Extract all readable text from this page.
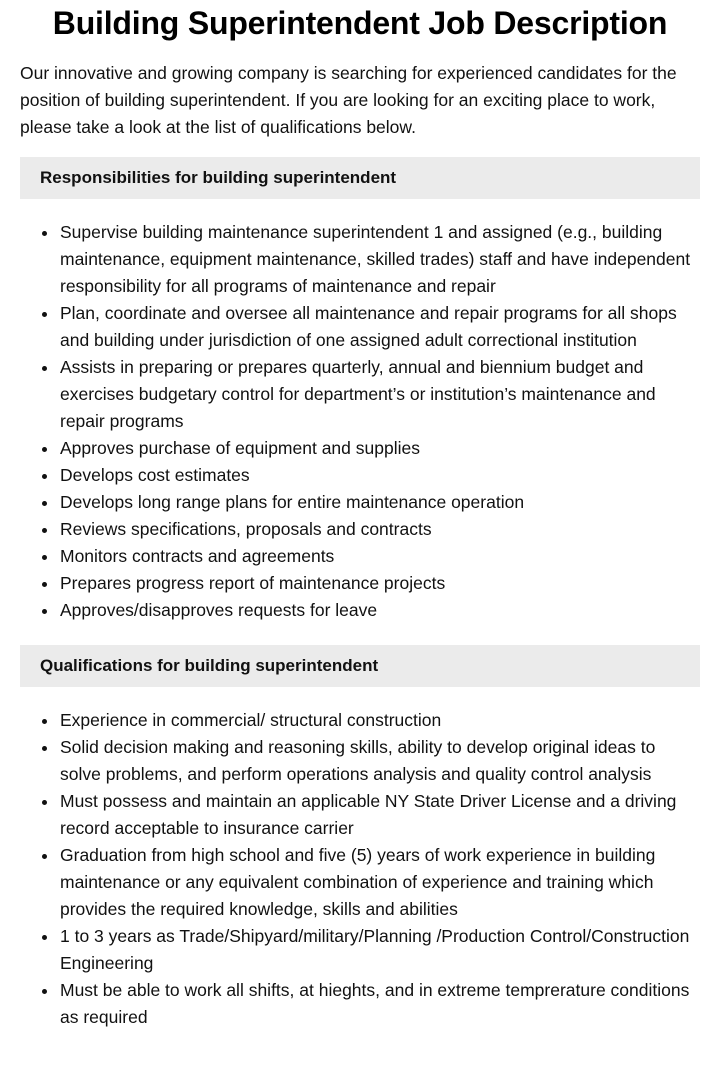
Building Superintendent Job Description

Our innovative and growing company is searching for experienced candidates for the position of building superintendent. If you are looking for an exciting place to work, please take a look at the list of qualifications below.

Responsibilities for building superintendent
Supervise building maintenance superintendent 1 and assigned (e.g., building maintenance, equipment maintenance, skilled trades) staff and have independent responsibility for all programs of maintenance and repair
Plan, coordinate and oversee all maintenance and repair programs for all shops and building under jurisdiction of one assigned adult correctional institution
Assists in preparing or prepares quarterly, annual and biennium budget and exercises budgetary control for department’s or institution’s maintenance and repair programs
Approves purchase of equipment and supplies
Develops cost estimates
Develops long range plans for entire maintenance operation
Reviews specifications, proposals and contracts
Monitors contracts and agreements
Prepares progress report of maintenance projects
Approves/disapproves requests for leave
Qualifications for building superintendent
Experience in commercial/ structural construction
Solid decision making and reasoning skills, ability to develop original ideas to solve problems, and perform operations analysis and quality control analysis
Must possess and maintain an applicable NY State Driver License and a driving record acceptable to insurance carrier
Graduation from high school and five (5) years of work experience in building maintenance or any equivalent combination of experience and training which provides the required knowledge, skills and abilities
1 to 3 years as Trade/Shipyard/military/Planning /Production Control/Construction Engineering
Must be able to work all shifts, at hieghts, and in extreme temprerature conditions as required
